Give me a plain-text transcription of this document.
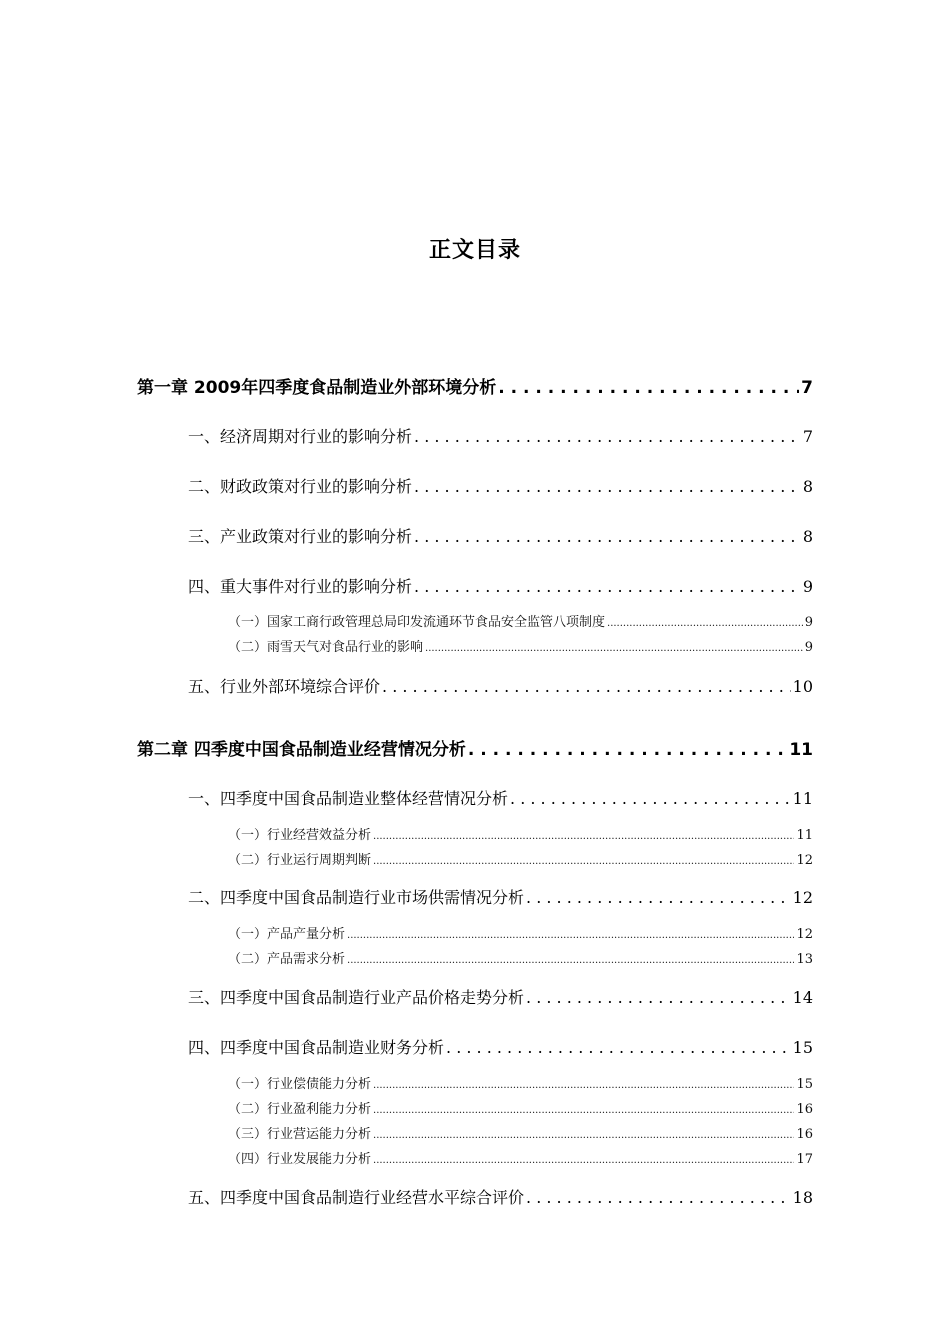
正文目录
第一章 2009年四季度食品制造业外部环境分析 . . .	7
一、经济周期对行业的影响分析 . . .	7
二、财政政策对行业的影响分析 . . .	8
三、产业政策对行业的影响分析 . . .	8
四、重大事件对行业的影响分析 . . .	9
（一）国家工商行政管理总局印发流通环节食品安全监管八项制度 .....	9
（二）雨雪天气对食品行业的影响 .....	9
五、行业外部环境综合评价 . . .	10
第二章 四季度中国食品制造业经营情况分析 . . .	11
一、四季度中国食品制造业整体经营情况分析 . . .	11
（一）行业经营效益分析 .....	11
（二）行业运行周期判断 .....	12
二、四季度中国食品制造行业市场供需情况分析 . . .	12
（一）产品产量分析 .....	12
（二）产品需求分析 .....	13
三、四季度中国食品制造行业产品价格走势分析 . . .	14
四、四季度中国食品制造业财务分析 . . .	15
（一）行业偿债能力分析 .....	15
（二）行业盈利能力分析 .....	16
（三）行业营运能力分析 .....	16
（四）行业发展能力分析 .....	17
五、四季度中国食品制造行业经营水平综合评价 . . .	18
